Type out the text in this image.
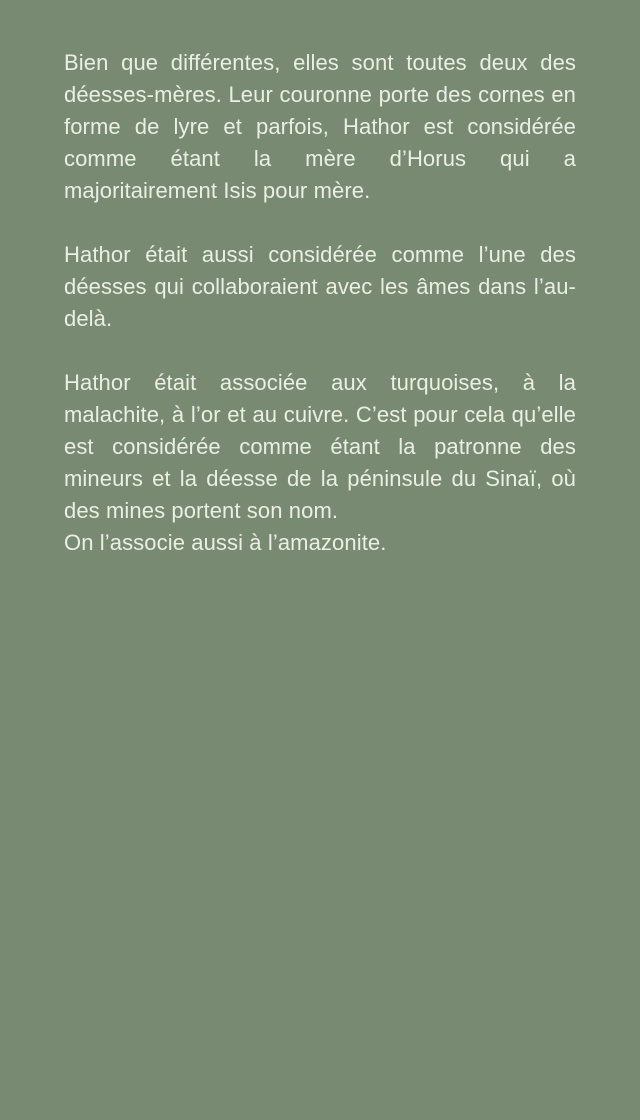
Bien que différentes, elles sont toutes deux des
déesses-mères. Leur couronne porte des cornes en
forme de lyre et parfois, Hathor est considérée
comme étant la mère d’Horus qui a
majoritairement Isis pour mère.
Hathor était aussi considérée comme l’une des
déesses qui collaboraient avec les âmes dans l’au-
delà.
Hathor était associée aux turquoises, à la
malachite, à l’or et au cuivre. C’est pour cela qu’elle
est considérée comme étant la patronne des
mineurs et la déesse de la péninsule du Sinaï, où
des mines portent son nom.
On l’associe aussi à l’amazonite.
